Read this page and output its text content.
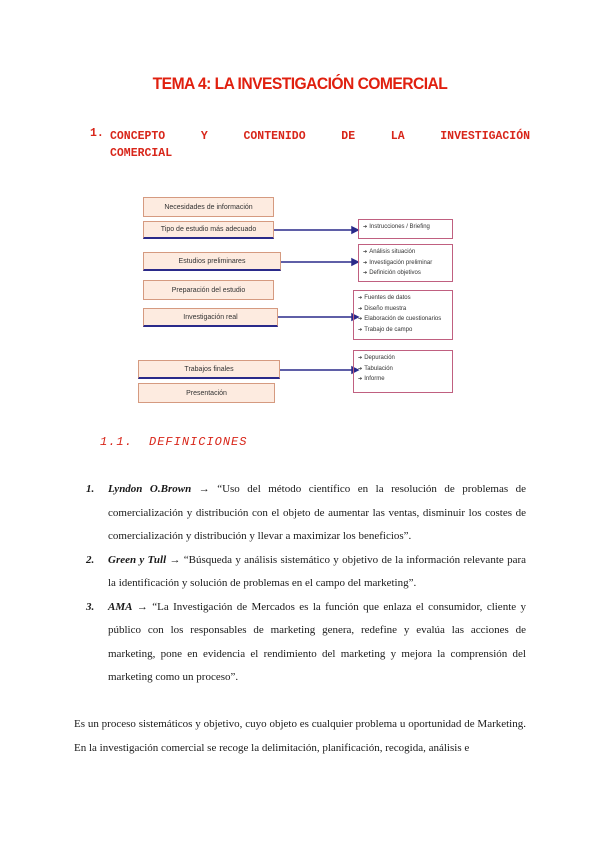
TEMA 4: LA INVESTIGACIÓN COMERCIAL
1. CONCEPTO Y CONTENIDO DE LA INVESTIGACIÓN
COMERCIAL
Necesidades de información
Tipo de estudio más adecuado
Estudios preliminares
Preparación del estudio
Investigación real
Trabajos finales
Presentación
➔ Instrucciones / Briefing
➔ Análisis situación
➔ Investigación preliminar
➔ Definición objetivos
➔ Fuentes de datos
➔ Diseño muestra
➔ Elaboración de cuestionarios
➔ Trabajo de campo
➔ Depuración
➔ Tabulación
➔ Informe
1.1. DEFINICIONES
1. Lyndon O.Brown → “Uso del método científico en la resolución de problemas de comercialización y distribución con el objeto de aumentar las ventas, disminuir los costes de comercialización y distribución y llevar a maximizar los beneficios”.
2. Green y Tull → “Búsqueda y análisis sistemático y objetivo de la información relevante para la identificación y solución de problemas en el campo del marketing”.
3. AMA → “La Investigación de Mercados es la función que enlaza el consumidor, cliente y público con los responsables de marketing genera, redefine y evalúa las acciones de marketing, pone en evidencia el rendimiento del marketing y mejora la comprensión del marketing como un proceso”.

Es un proceso sistemáticos y objetivo, cuyo objeto es cualquier problema u oportunidad de Marketing. En la investigación comercial se recoge la delimitación, planificación, recogida, análisis e
